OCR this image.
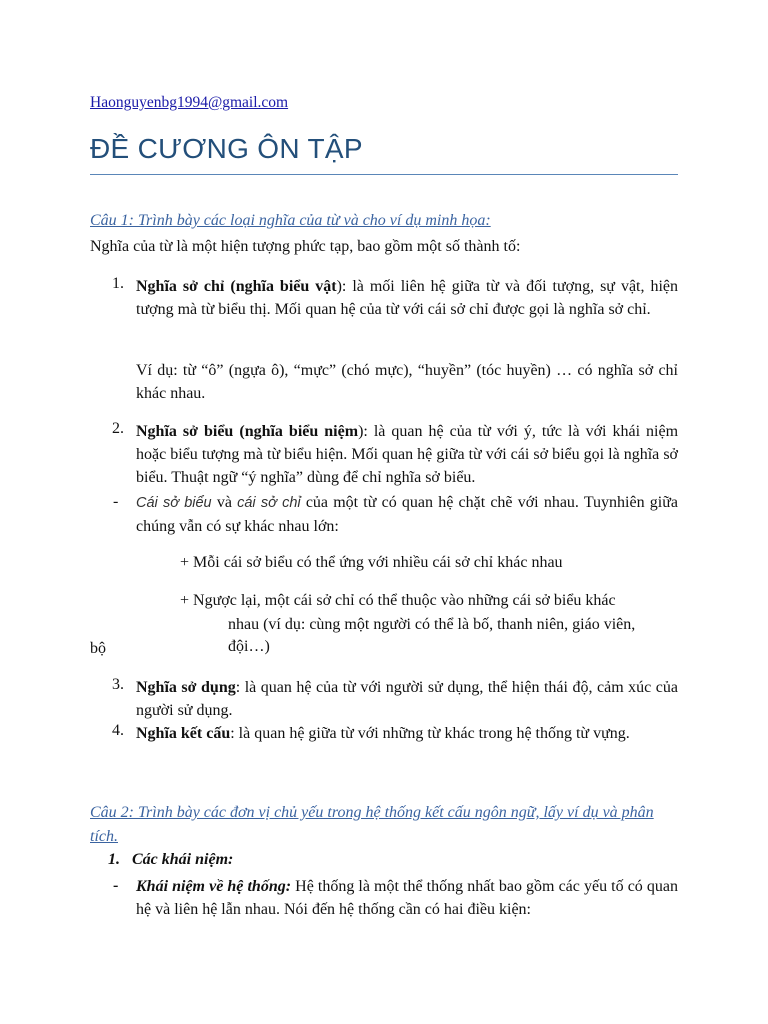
Haonguyenbg1994@gmail.com
ĐỀ CƯƠNG ÔN TẬP
Câu 1: Trình bày các loại nghĩa của từ và cho ví dụ minh họa:
Nghĩa của từ là một hiện tượng phức tạp, bao gồm một số thành tố:
1. Nghĩa sở chỉ (nghĩa biểu vật): là mối liên hệ giữa từ và đối tượng, sự vật, hiện tượng mà từ biểu thị. Mối quan hệ của từ với cái sở chỉ được gọi là nghĩa sở chỉ.
Ví dụ: từ “ô” (ngựa ô), “mực” (chó mực), “huyền” (tóc huyền) … có nghĩa sở chỉ khác nhau.
2. Nghĩa sở biểu (nghĩa biểu niệm): là quan hệ của từ với ý, tức là với khái niệm hoặc biểu tượng mà từ biểu hiện. Mối quan hệ giữa từ với cái sở biểu gọi là nghĩa sở biểu. Thuật ngữ “ý nghĩa” dùng để chỉ nghĩa sở biểu.
- Cái sở biểu và cái sở chỉ của một từ có quan hệ chặt chẽ với nhau. Tuynhiên giữa chúng vẫn có sự khác nhau lớn:
+ Mỗi cái sở biểu có thể ứng với nhiều cái sở chỉ khác nhau
+ Ngược lại, một cái sở chỉ có thể thuộc vào những cái sở biểu khác
nhau (ví dụ: cùng một người có thể là bố, thanh niên, giáo viên,
bộ	đội…)
3. Nghĩa sở dụng: là quan hệ của từ với người sử dụng, thể hiện thái độ, cảm xúc của người sử dụng.
4. Nghĩa kết cấu: là quan hệ giữa từ với những từ khác trong hệ thống từ vựng.
Câu 2: Trình bày các đơn vị chủ yếu trong hệ thống kết cấu ngôn ngữ, lấy ví dụ và phân tích.
1. Các khái niệm:
- Khái niệm về hệ thống: Hệ thống là một thể thống nhất bao gồm các yếu tố có quan hệ và liên hệ lẫn nhau. Nói đến hệ thống cần có hai điều kiện:
